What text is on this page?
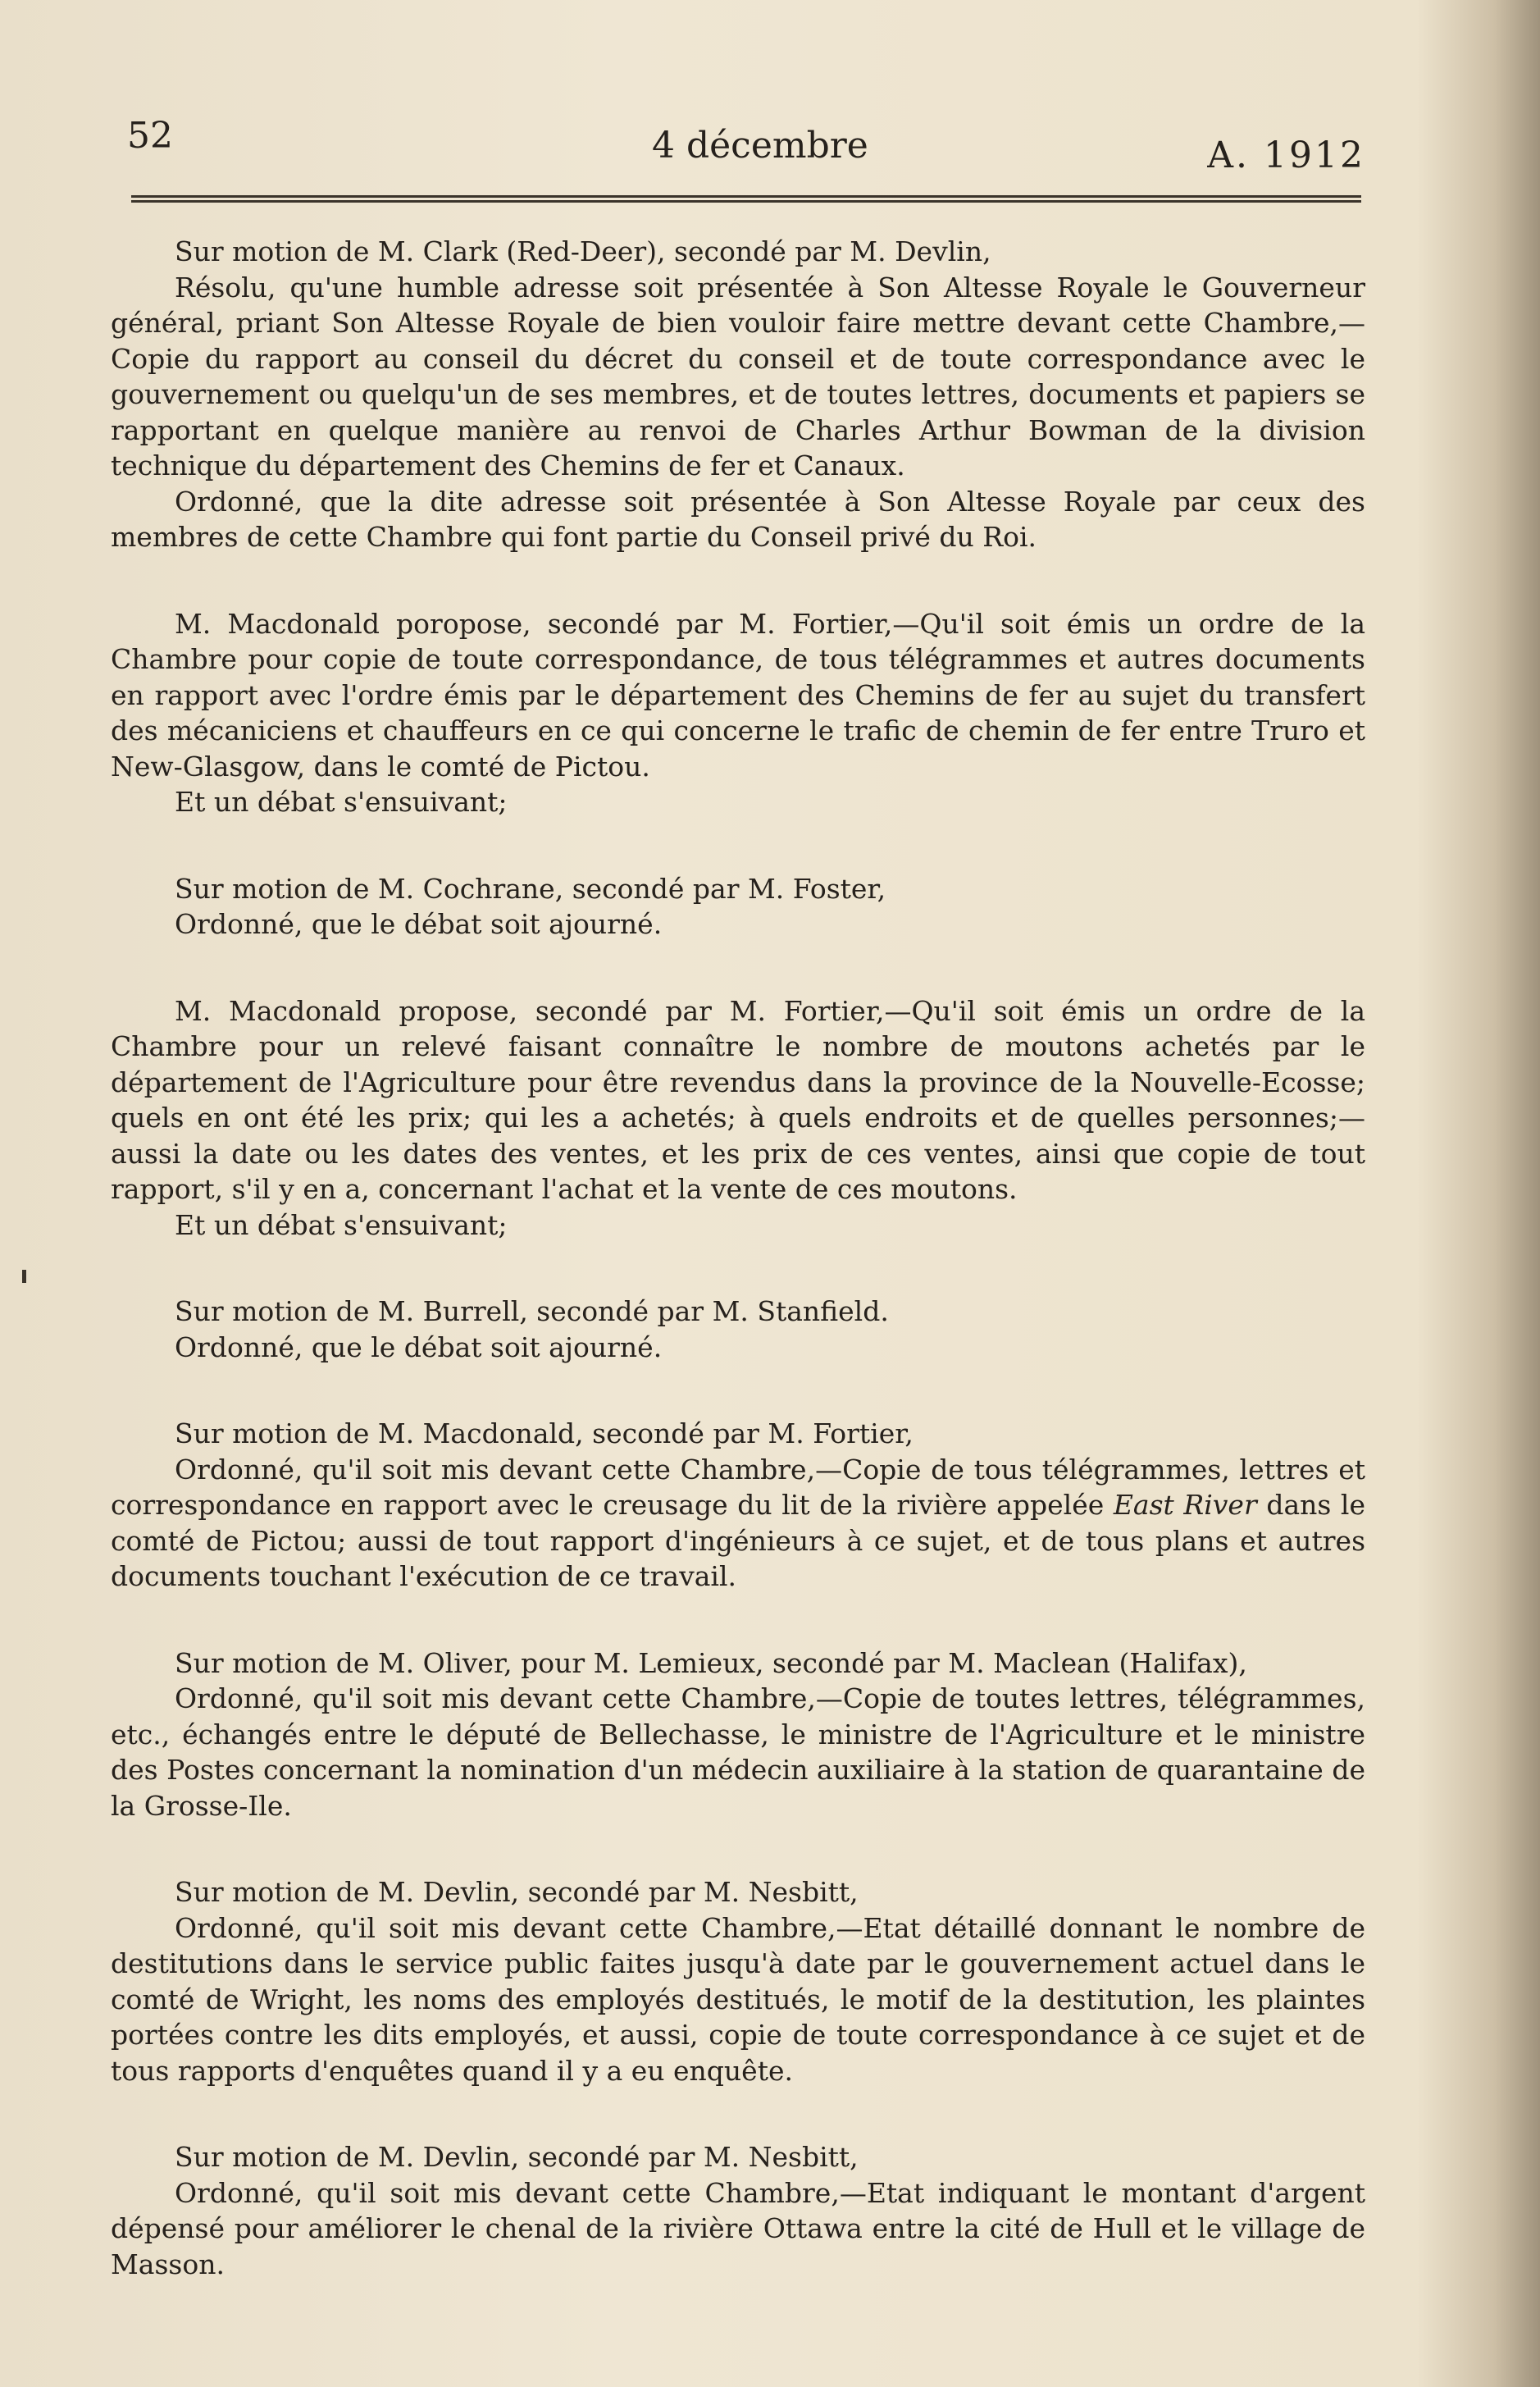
52	4 décembre	A. 1912

Sur motion de M. Clark (Red-Deer), secondé par M. Devlin,

Résolu, qu'une humble adresse soit présentée à Son Altesse Royale le Gouverneur général, priant Son Altesse Royale de bien vouloir faire mettre devant cette Chambre,—Copie du rapport au conseil du décret du conseil et de toute correspondance avec le gouvernement ou quelqu'un de ses membres, et de toutes lettres, documents et papiers se rapportant en quelque manière au renvoi de Charles Arthur Bowman de la division technique du département des Chemins de fer et Canaux.

Ordonné, que la dite adresse soit présentée à Son Altesse Royale par ceux des membres de cette Chambre qui font partie du Conseil privé du Roi.

M. Macdonald poropose, secondé par M. Fortier,—Qu'il soit émis un ordre de la Chambre pour copie de toute correspondance, de tous télégrammes et autres documents en rapport avec l'ordre émis par le département des Chemins de fer au sujet du transfert des mécaniciens et chauffeurs en ce qui concerne le trafic de chemin de fer entre Truro et New-Glasgow, dans le comté de Pictou.

Et un débat s'ensuivant;

Sur motion de M. Cochrane, secondé par M. Foster,

Ordonné, que le débat soit ajourné.

M. Macdonald propose, secondé par M. Fortier,—Qu'il soit émis un ordre de la Chambre pour un relevé faisant connaître le nombre de moutons achetés par le département de l'Agriculture pour être revendus dans la province de la Nouvelle-Ecosse; quels en ont été les prix; qui les a achetés; à quels endroits et de quelles personnes;—aussi la date ou les dates des ventes, et les prix de ces ventes, ainsi que copie de tout rapport, s'il y en a, concernant l'achat et la vente de ces moutons.

Et un débat s'ensuivant;

Sur motion de M. Burrell, secondé par M. Stanfield.

Ordonné, que le débat soit ajourné.

Sur motion de M. Macdonald, secondé par M. Fortier,

Ordonné, qu'il soit mis devant cette Chambre,—Copie de tous télégrammes, lettres et correspondance en rapport avec le creusage du lit de la rivière appelée East River dans le comté de Pictou; aussi de tout rapport d'ingénieurs à ce sujet, et de tous plans et autres documents touchant l'exécution de ce travail.

Sur motion de M. Oliver, pour M. Lemieux, secondé par M. Maclean (Halifax),

Ordonné, qu'il soit mis devant cette Chambre,—Copie de toutes lettres, télégrammes, etc., échangés entre le député de Bellechasse, le ministre de l'Agriculture et le ministre des Postes concernant la nomination d'un médecin auxiliaire à la station de quarantaine de la Grosse-Ile.

Sur motion de M. Devlin, secondé par M. Nesbitt,

Ordonné, qu'il soit mis devant cette Chambre,—Etat détaillé donnant le nombre de destitutions dans le service public faites jusqu'à date par le gouvernement actuel dans le comté de Wright, les noms des employés destitués, le motif de la destitution, les plaintes portées contre les dits employés, et aussi, copie de toute correspondance à ce sujet et de tous rapports d'enquêtes quand il y a eu enquête.

Sur motion de M. Devlin, secondé par M. Nesbitt,

Ordonné, qu'il soit mis devant cette Chambre,—Etat indiquant le montant d'argent dépensé pour améliorer le chenal de la rivière Ottawa entre la cité de Hull et le village de Masson.
